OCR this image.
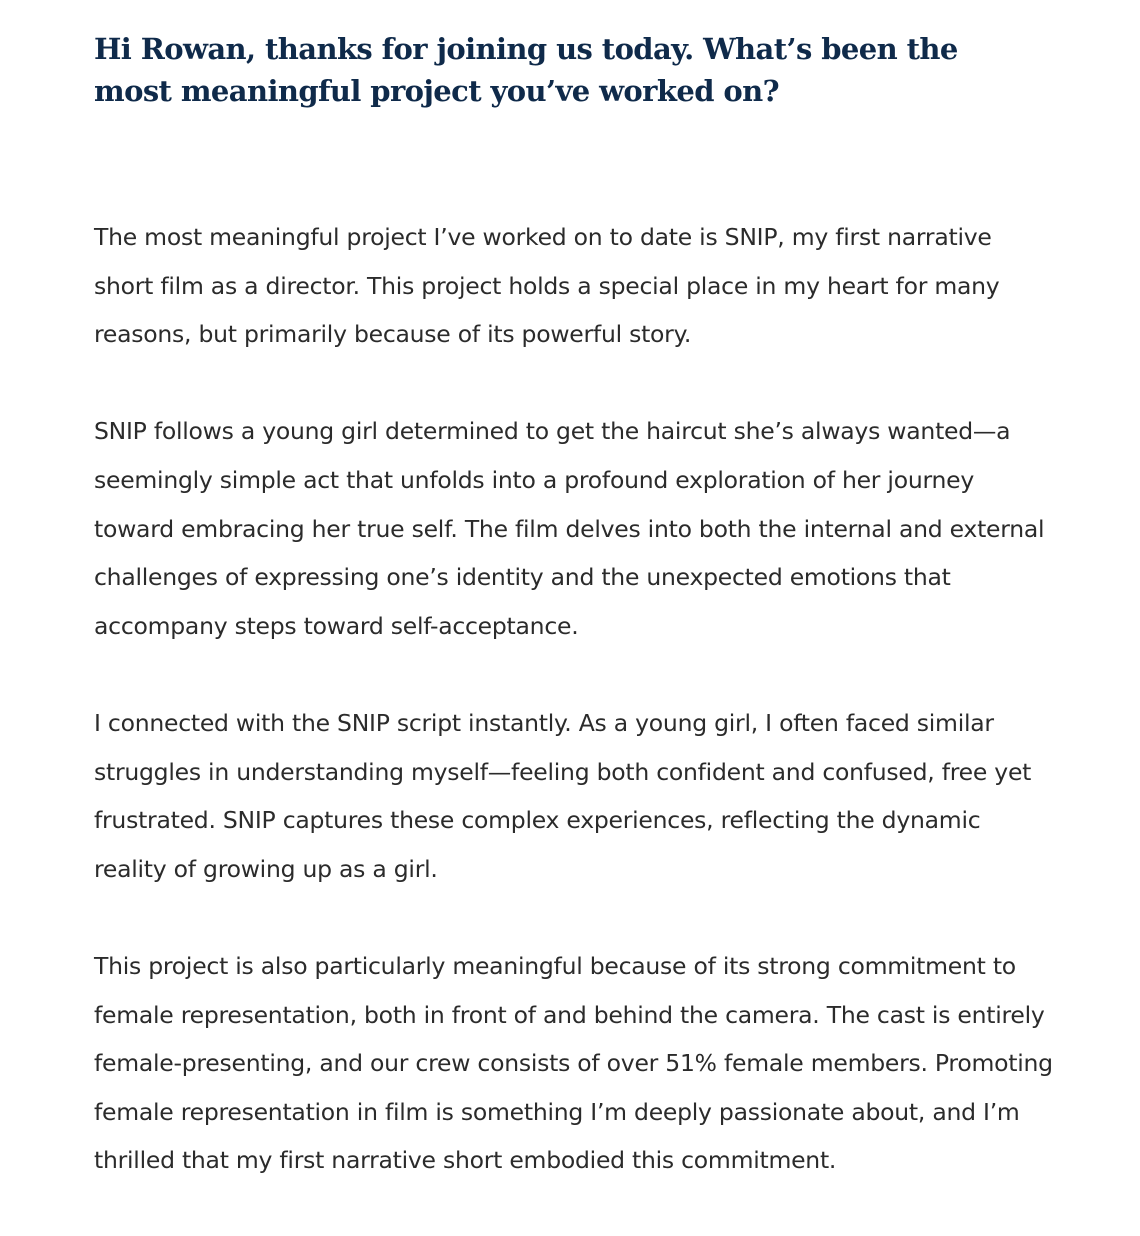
Hi Rowan, thanks for joining us today. What’s been the most meaningful project you’ve worked on?

The most meaningful project I’ve worked on to date is SNIP, my first narrative short film as a director. This project holds a special place in my heart for many reasons, but primarily because of its powerful story.

SNIP follows a young girl determined to get the haircut she’s always wanted—a seemingly simple act that unfolds into a profound exploration of her journey toward embracing her true self. The film delves into both the internal and external challenges of expressing one’s identity and the unexpected emotions that accompany steps toward self-acceptance.

I connected with the SNIP script instantly. As a young girl, I often faced similar struggles in understanding myself—feeling both confident and confused, free yet frustrated. SNIP captures these complex experiences, reflecting the dynamic reality of growing up as a girl.

This project is also particularly meaningful because of its strong commitment to female representation, both in front of and behind the camera. The cast is entirely female-presenting, and our crew consists of over 51% female members. Promoting female representation in film is something I’m deeply passionate about, and I’m thrilled that my first narrative short embodied this commitment.
